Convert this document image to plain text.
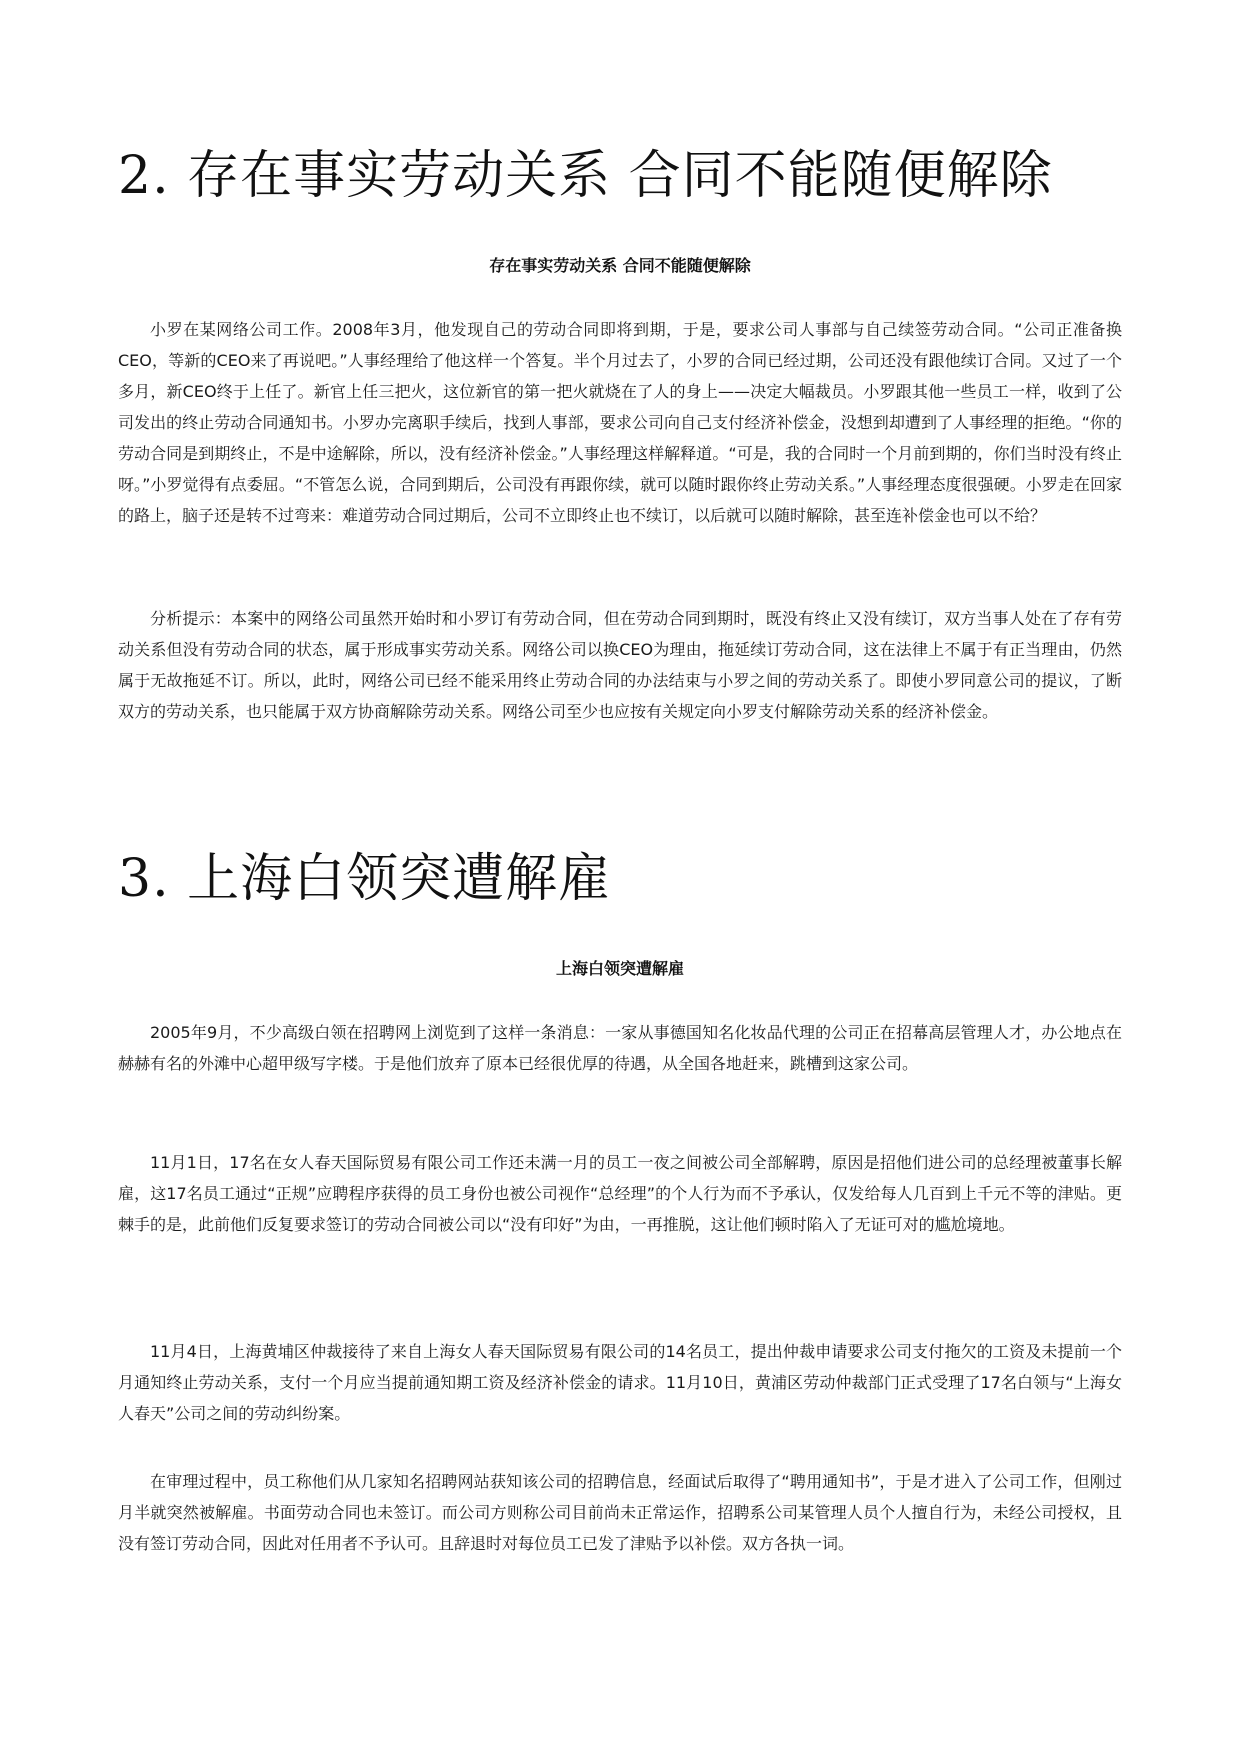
2. 存在事实劳动关系 合同不能随便解除
存在事实劳动关系 合同不能随便解除

小罗在某网络公司工作。2008年3月，他发现自己的劳动合同即将到期，于是，要求公司人事部与自己续签劳动合同。“公司正准备换CEO，等新的CEO来了再说吧。”人事经理给了他这样一个答复。半个月过去了，小罗的合同已经过期，公司还没有跟他续订合同。又过了一个多月，新CEO终于上任了。新官上任三把火，这位新官的第一把火就烧在了人的身上——决定大幅裁员。小罗跟其他一些员工一样，收到了公司发出的终止劳动合同通知书。小罗办完离职手续后，找到人事部，要求公司向自己支付经济补偿金，没想到却遭到了人事经理的拒绝。“你的劳动合同是到期终止，不是中途解除，所以，没有经济补偿金。”人事经理这样解释道。“可是，我的合同时一个月前到期的，你们当时没有终止呀。”小罗觉得有点委屈。“不管怎么说，合同到期后，公司没有再跟你续，就可以随时跟你终止劳动关系。”人事经理态度很强硬。小罗走在回家的路上，脑子还是转不过弯来：难道劳动合同过期后，公司不立即终止也不续订，以后就可以随时解除，甚至连补偿金也可以不给？

分析提示：本案中的网络公司虽然开始时和小罗订有劳动合同，但在劳动合同到期时，既没有终止又没有续订，双方当事人处在了存有劳动关系但没有劳动合同的状态，属于形成事实劳动关系。网络公司以换CEO为理由，拖延续订劳动合同，这在法律上不属于有正当理由，仍然属于无故拖延不订。所以，此时，网络公司已经不能采用终止劳动合同的办法结束与小罗之间的劳动关系了。即使小罗同意公司的提议，了断双方的劳动关系，也只能属于双方协商解除劳动关系。网络公司至少也应按有关规定向小罗支付解除劳动关系的经济补偿金。

3. 上海白领突遭解雇
上海白领突遭解雇

2005年9月，不少高级白领在招聘网上浏览到了这样一条消息：一家从事德国知名化妆品代理的公司正在招幕高层管理人才，办公地点在赫赫有名的外滩中心超甲级写字楼。于是他们放弃了原本已经很优厚的待遇，从全国各地赶来，跳槽到这家公司。

11月1日，17名在女人春天国际贸易有限公司工作还未满一月的员工一夜之间被公司全部解聘，原因是招他们进公司的总经理被董事长解雇，这17名员工通过“正规”应聘程序获得的员工身份也被公司视作“总经理”的个人行为而不予承认，仅发给每人几百到上千元不等的津贴。更棘手的是，此前他们反复要求签订的劳动合同被公司以“没有印好”为由，一再推脱，这让他们顿时陷入了无证可对的尴尬境地。

11月4日，上海黄埔区仲裁接待了来自上海女人春天国际贸易有限公司的14名员工，提出仲裁申请要求公司支付拖欠的工资及未提前一个月通知终止劳动关系，支付一个月应当提前通知期工资及经济补偿金的请求。11月10日，黄浦区劳动仲裁部门正式受理了17名白领与“上海女人春天”公司之间的劳动纠纷案。

在审理过程中，员工称他们从几家知名招聘网站获知该公司的招聘信息，经面试后取得了“聘用通知书”，于是才进入了公司工作，但刚过月半就突然被解雇。书面劳动合同也未签订。而公司方则称公司目前尚未正常运作，招聘系公司某管理人员个人擅自行为，未经公司授权，且没有签订劳动合同，因此对任用者不予认可。且辞退时对每位员工已发了津贴予以补偿。双方各执一词。
